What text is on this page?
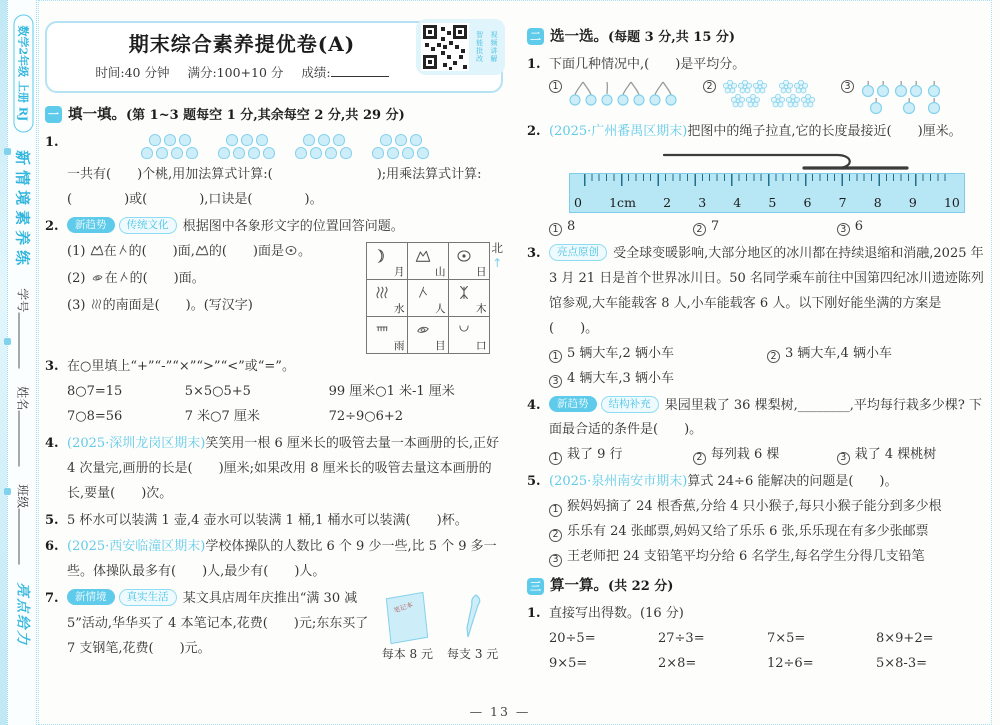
数学2年级 上册 RJ
新情境素养练
学号
姓名
班级
亮点给力
期末综合素养提优卷(A)
时间:40 分钟 满分:100+10 分 成绩:
智能批改 视频讲解
一 填一填。(第 1~3 题每空 1 分,其余每空 2 分,共 29 分)
1.
一共有(　　)个桃,用加法算式计算:(　　　　　　　　);用乘法算式计算:(　　　　)或(　　　　),口诀是(　　　　)。
2.	新趋势 传统文化 根据图中各象形文字的位置回答问题。
(1) 在 的(　　)面, 的(　　)面是 。
(2) 在 的(　　)面。
(3) 的南面是(　　)。(写汉字)
月	山	日
水	人	木
雨	目	口
北
↑
3. 在○里填上“+”“-”“×”“>”“<”或“=”。
8○7=15	5×5○5+5	99 厘米○1 米-1 厘米
7○8=56	7 米○7 厘米	72÷9○6+2
4. (2025·深圳龙岗区期末)笑笑用一根 6 厘米长的吸管去量一本画册的长,正好 4 次量完,画册的长是(　　)厘米;如果改用 8 厘米长的吸管去量这本画册的长,要量(　　)次。
5. 5 杯水可以装满 1 壶,4 壶水可以装满 1 桶,1 桶水可以装满(　　)杯。
6. (2025·西安临潼区期末)学校体操队的人数比 6 个 9 少一些,比 5 个 9 多一些。体操队最多有(　　)人,最少有(　　)人。
7.	新情境 真实生活 某文具店周年庆推出“满 30 减 5”活动,华华买了 4 本笔记本,花费(　　)元;东东买了 7 支钢笔,花费(　　)元。
笔记本
每本 8 元 每支 3 元
二 选一选。(每题 3 分,共 15 分)
1. 下面几种情况中,(　　)是平均分。
1	2	3
2. (2025·广州番禺区期末)把图中的绳子拉直,它的长度最接近(　　)厘米。
0 1cm 2 3 4 5 6 7 8 9 10
1 8	2 7	3 6
3.	亮点原创 受全球变暖影响,大部分地区的冰川都在持续退缩和消融,2025 年 3 月 21 日是首个世界冰川日。50 名同学乘车前往中国第四纪冰川遗迹陈列馆参观,大车能载客 8 人,小车能载客 6 人。以下刚好能坐满的方案是(　　)。
1 5 辆大车,2 辆小车	2 3 辆大车,4 辆小车
3 4 辆大车,3 辆小车
4.	新趋势 结构补充 果园里栽了 36 棵梨树,________,平均每行栽多少棵? 下面最合适的条件是(　　)。
1 栽了 9 行	2 每列栽 6 棵	3 栽了 4 棵桃树
5. (2025·泉州南安市期末)算式 24÷6 能解决的问题是(　　)。
1 猴妈妈摘了 24 根香蕉,分给 4 只小猴子,每只小猴子能分到多少根
2 乐乐有 24 张邮票,妈妈又给了乐乐 6 张,乐乐现在有多少张邮票
3 王老师把 24 支铅笔平均分给 6 名学生,每名学生分得几支铅笔
三 算一算。(共 22 分)
1. 直接写出得数。(16 分)
20÷5=	27÷3=	7×5=	8×9+2=
9×5=	2×8=	12÷6=	5×8-3=
— 13 —
